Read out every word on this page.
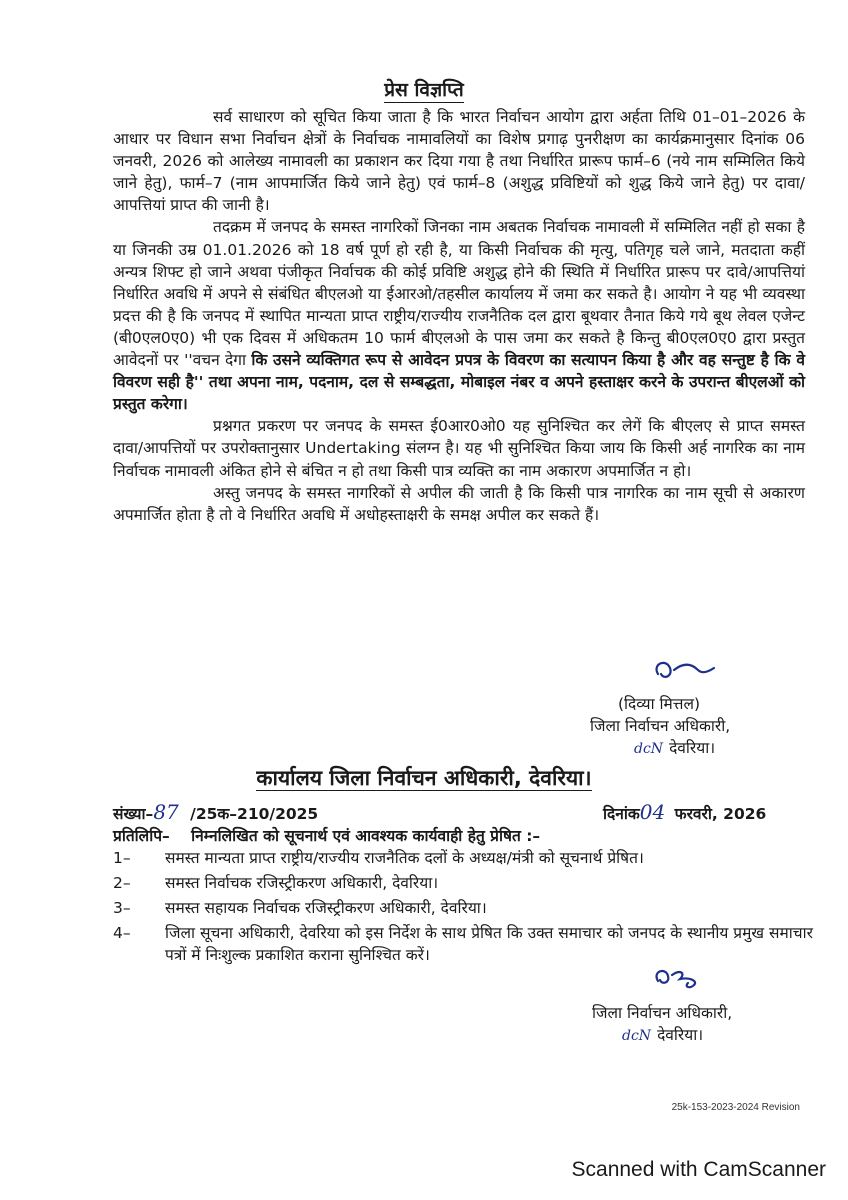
प्रेस विज्ञप्ति

सर्व साधारण को सूचित किया जाता है कि भारत निर्वाचन आयोग द्वारा अर्हता तिथि 01–01–2026 के आधार पर विधान सभा निर्वाचन क्षेत्रों के निर्वाचक नामावलियों का विशेष प्रगाढ़ पुनरीक्षण का कार्यक्रमानुसार दिनांक 06 जनवरी, 2026 को आलेख्य नामावली का प्रकाशन कर दिया गया है तथा निर्धारित प्रारूप फार्म–6 (नये नाम सम्मिलित किये जाने हेतु), फार्म–7 (नाम आपमार्जित किये जाने हेतु) एवं फार्म–8 (अशुद्ध प्रविष्टियों को शुद्ध किये जाने हेतु) पर दावा/आपत्तियां प्राप्त की जानी है।

तदक्रम में जनपद के समस्त नागरिकों जिनका नाम अबतक निर्वाचक नामावली में सम्मिलित नहीं हो सका है या जिनकी उम्र 01.01.2026 को 18 वर्ष पूर्ण हो रही है, या किसी निर्वाचक की मृत्यु, पतिगृह चले जाने, मतदाता कहीं अन्यत्र शिफ्ट हो जाने अथवा पंजीकृत निर्वाचक की कोई प्रविष्टि अशुद्ध होने की स्थिति में निर्धारित प्रारूप पर दावे/आपत्तियां निर्धारित अवधि में अपने से संबंधित बीएलओ या ईआरओ/तहसील कार्यालय में जमा कर सकते है। आयोग ने यह भी व्यवस्था प्रदत्त की है कि जनपद में स्थापित मान्यता प्राप्त राष्ट्रीय/राज्यीय राजनैतिक दल द्वारा बूथवार तैनात किये गये बूथ लेवल एजेन्ट (बी0एल0ए0) भी एक दिवस में अधिकतम 10 फार्म बीएलओ के पास जमा कर सकते है किन्तु बी0एल0ए0 द्वारा प्रस्तुत आवेदनों पर ''वचन देगा कि उसने व्यक्तिगत रूप से आवेदन प्रपत्र के विवरण का सत्यापन किया है और वह सन्तुष्ट है कि वे विवरण सही है'' तथा अपना नाम, पदनाम, दल से सम्बद्धता, मोबाइल नंबर व अपने हस्ताक्षर करने के उपरान्त बीएलओं को प्रस्तुत करेगा।

प्रश्नगत प्रकरण पर जनपद के समस्त ई0आर0ओ0 यह सुनिश्चित कर लेगें कि बीएलए से प्राप्त समस्त दावा/आपत्तियों पर उपरोक्तानुसार Undertaking संलग्न है। यह भी सुनिश्चित किया जाय कि किसी अर्ह नागरिक का नाम निर्वाचक नामावली अंकित होने से बंचित न हो तथा किसी पात्र व्यक्ति का नाम अकारण अपमार्जित न हो।

अस्तु जनपद के समस्त नागरिकों से अपील की जाती है कि किसी पात्र नागरिक का नाम सूची से अकारण अपमार्जित होता है तो वे निर्धारित अवधि में अधोहस्ताक्षरी के समक्ष अपील कर सकते हैं।

(दिव्या मित्तल)
जिला निर्वाचन अधिकारी,
dcN देवरिया।
कार्यालय जिला निर्वाचन अधिकारी, देवरिया।
संख्या–87 /25क–210/2025	दिनांक04 फरवरी, 2026
प्रतिलिपि– निम्नलिखित को सूचनार्थ एवं आवश्यक कार्यवाही हेतु प्रेषित :–
1–	समस्त मान्यता प्राप्त राष्ट्रीय/राज्यीय राजनैतिक दलों के अध्यक्ष/मंत्री को सूचनार्थ प्रेषित।
2–	समस्त निर्वाचक रजिस्ट्रीकरण अधिकारी, देवरिया।
3–	समस्त सहायक निर्वाचक रजिस्ट्रीकरण अधिकारी, देवरिया।
4–	जिला सूचना अधिकारी, देवरिया को इस निर्देश के साथ प्रेषित कि उक्त समाचार को जनपद के स्थानीय प्रमुख समाचार पत्रों में निःशुल्क प्रकाशित कराना सुनिश्चित करें।
जिला निर्वाचन अधिकारी,
dcN देवरिया।
25k-153-2023-2024 Revision
Scanned with CamScanner
